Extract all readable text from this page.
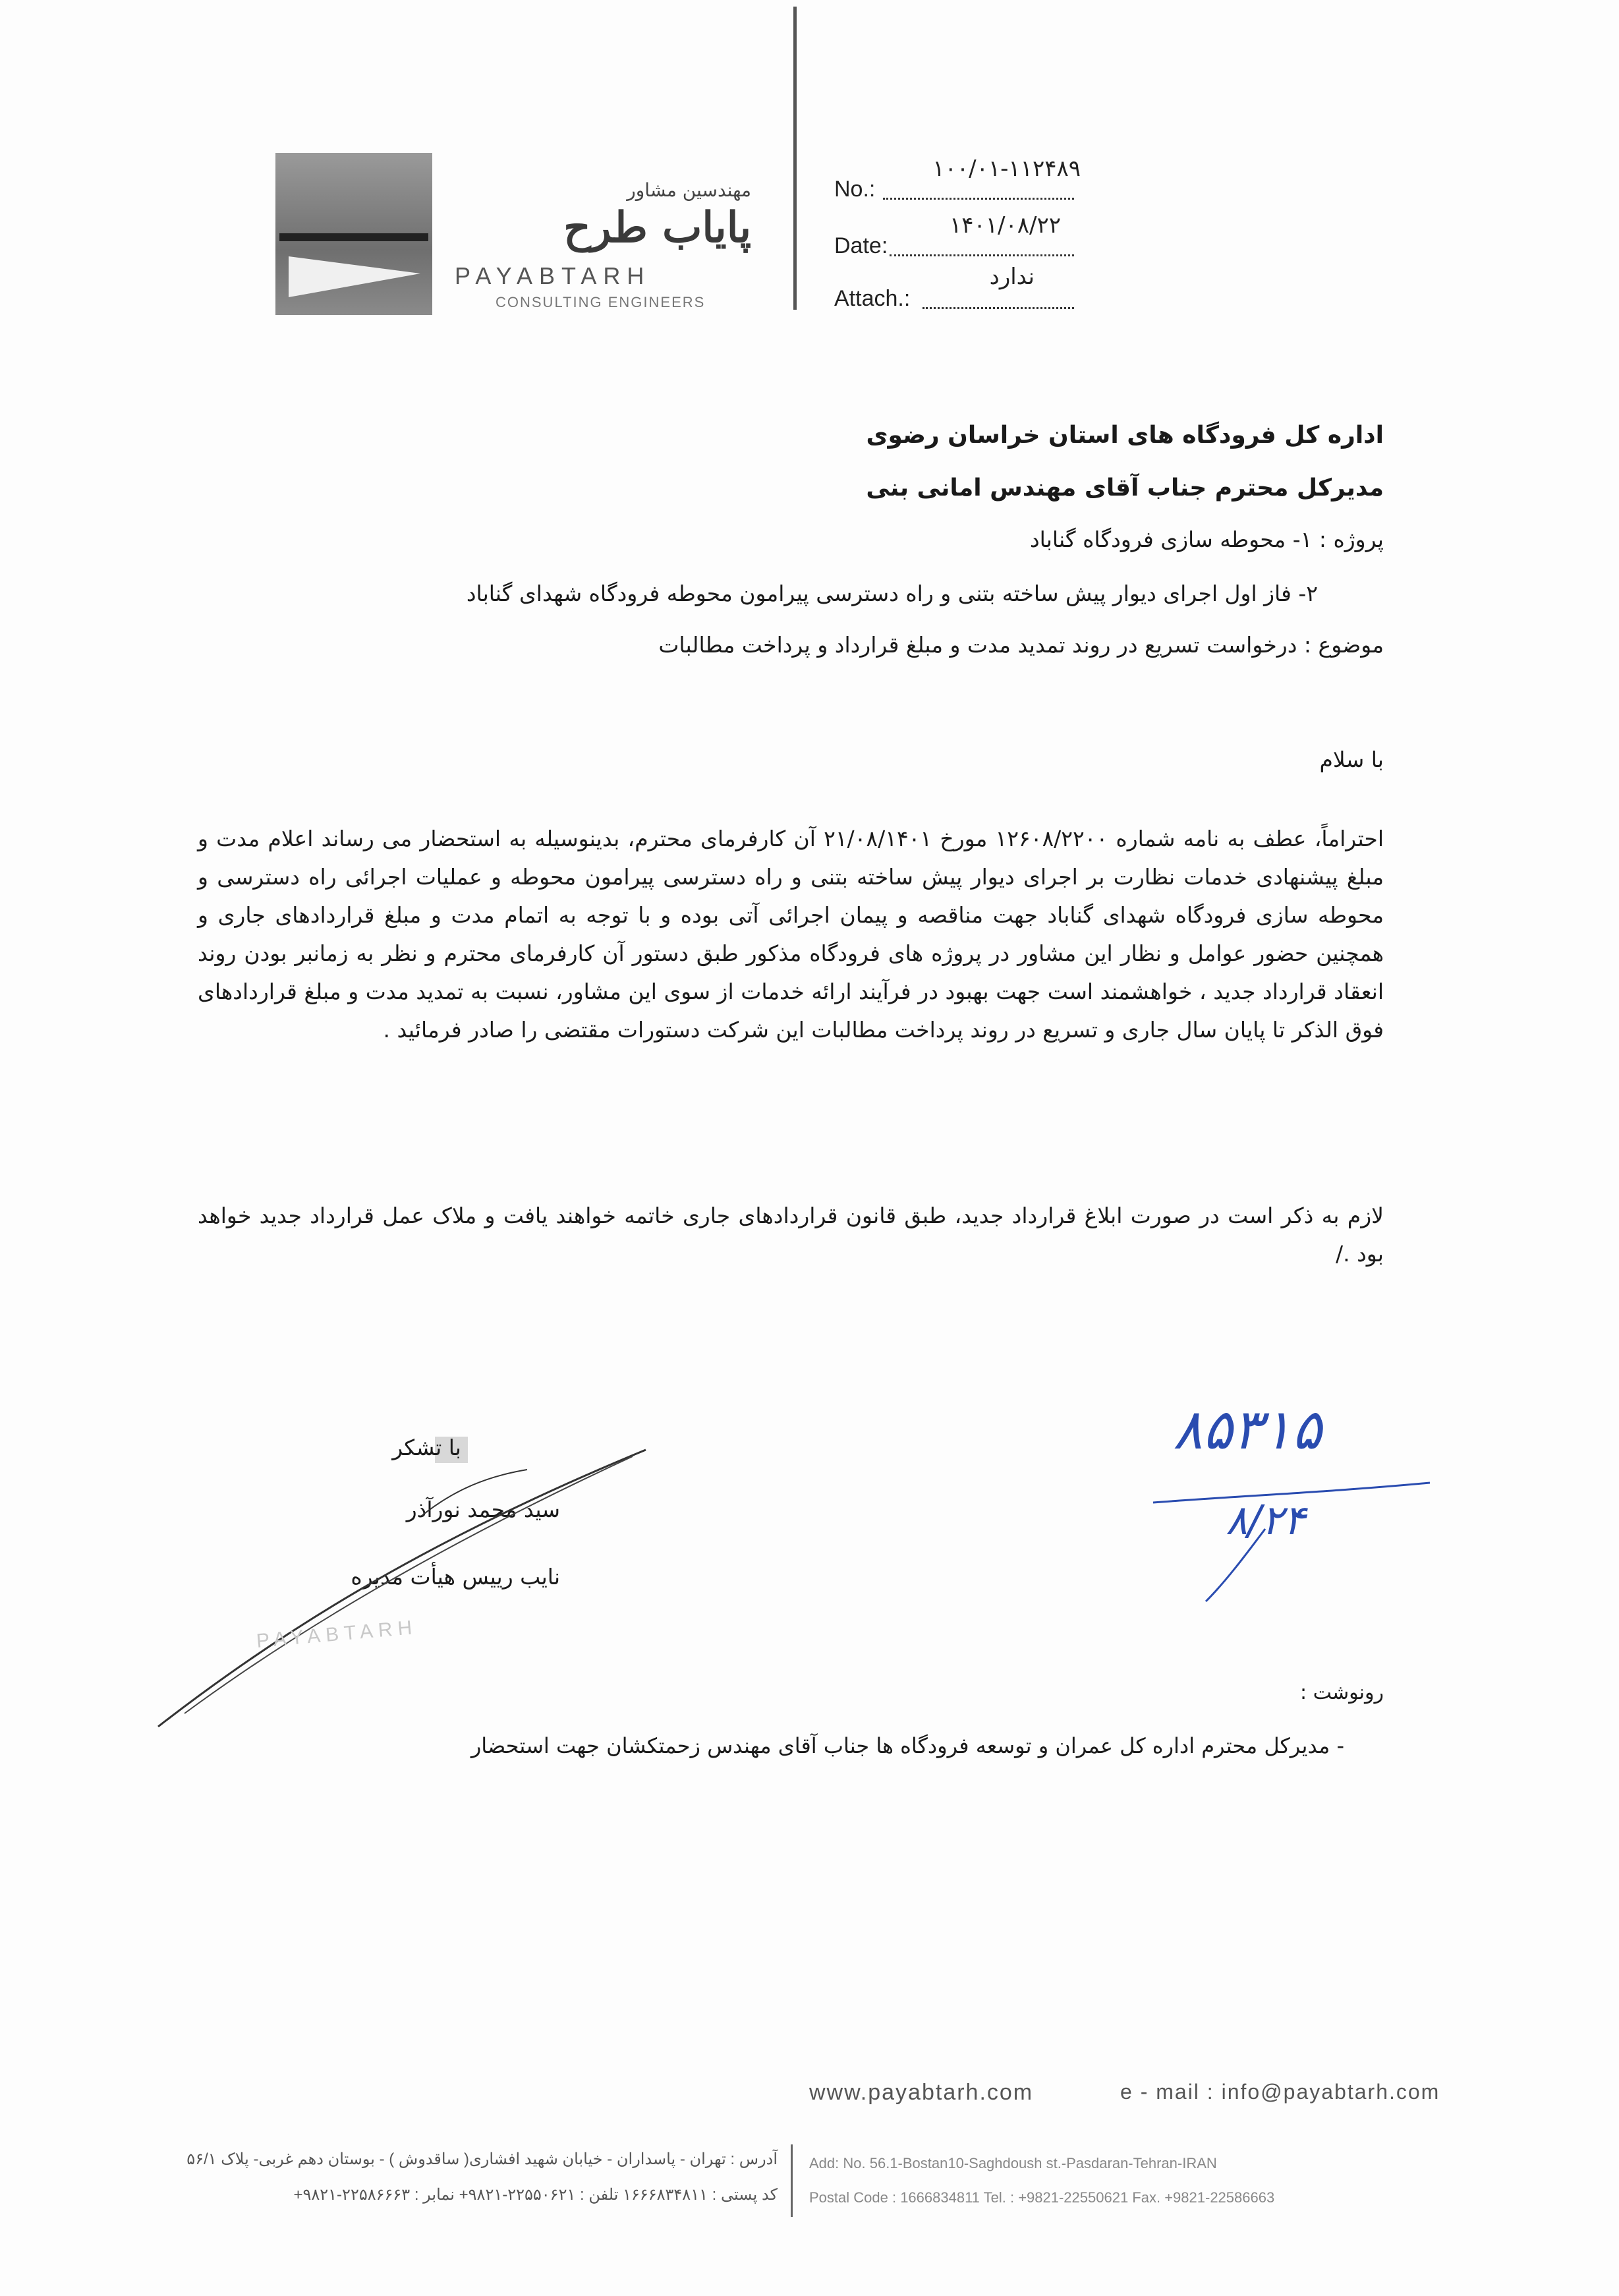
مهندسین مشاور
پایاب طرح
PAYABTARH
CONSULTING ENGINEERS
No.:
۱۰۰/۰۱-۱۱۲۴۸۹
Date:
۱۴۰۱/۰۸/۲۲
Attach.:
ندارد
اداره کل فرودگاه های استان خراسان رضوی
مدیرکل محترم جناب آقای مهندس امانی بنی
پروژه : ۱- محوطه سازی فرودگاه گناباد
۲- فاز اول اجرای دیوار پیش ساخته بتنی و راه دسترسی پیرامون محوطه فرودگاه شهدای گناباد
موضوع : درخواست تسریع در روند تمدید مدت و مبلغ قرارداد و پرداخت مطالبات
با سلام
احتراماً، عطف به نامه شماره ۱۲۶۰۸/۲۲۰۰ مورخ ۲۱/۰۸/۱۴۰۱ آن کارفرمای محترم، بدینوسیله به استحضار می رساند اعلام مدت و مبلغ پیشنهادی خدمات نظارت بر اجرای دیوار پیش ساخته بتنی و راه دسترسی پیرامون محوطه و عملیات اجرائی راه دسترسی و محوطه سازی فرودگاه شهدای گناباد جهت مناقصه و پیمان اجرائی آتی بوده و با توجه به اتمام مدت و مبلغ قراردادهای جاری و همچنین حضور عوامل و نظار این مشاور در پروژه های فرودگاه مذکور طبق دستور آن کارفرمای محترم و نظر به زمانبر بودن روند انعقاد قرارداد جدید ، خواهشمند است جهت بهبود در فرآیند ارائه خدمات از سوی این مشاور، نسبت به تمدید مدت و مبلغ قراردادهای فوق الذکر تا پایان سال جاری و تسریع در روند پرداخت مطالبات این شرکت دستورات مقتضی را صادر فرمائید .
لازم به ذکر است در صورت ابلاغ قرارداد جدید، طبق قانون قراردادهای جاری خاتمه خواهند یافت و ملاک عمل قرارداد جدید خواهد بود ./
با تشکر
سید محمد نورآذر
نایب رییس هیأت مدیره
PAYABTARH
۸۵۳۱۵
۸/۲۴
رونوشت :
- مدیرکل محترم اداره کل عمران و توسعه فرودگاه ها جناب آقای مهندس زحمتکشان جهت استحضار
www.payabtarh.com	e - mail : info@payabtarh.com
آدرس : تهران - پاسداران - خیابان شهید افشاری( ساقدوش ) - بوستان دهم غربی- پلاک ۵۶/۱
کد پستی : ۱۶۶۶۸۳۴۸۱۱ تلفن : ۲۲۵۵۰۶۲۱-۹۸۲۱+ نمابر : ۲۲۵۸۶۶۶۳-۹۸۲۱+
Add: No. 56.1-Bostan10-Saghdoush st.-Pasdaran-Tehran-IRAN
Postal Code : 1666834811 Tel. : +9821-22550621 Fax. +9821-22586663
